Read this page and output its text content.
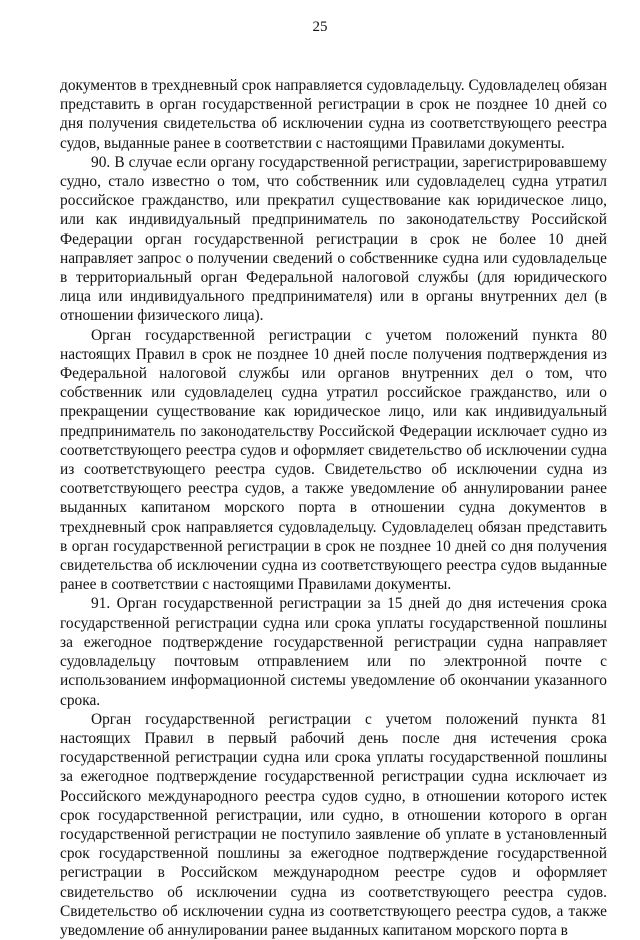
25

документов в трехдневный срок направляется судовладельцу. Судовладелец обязан представить в орган государственной регистрации в срок не позднее 10 дней со дня получения свидетельства об исключении судна из соответствующего реестра судов, выданные ранее в соответствии с настоящими Правилами документы.

90. В случае если органу государственной регистрации, зарегистрировавшему судно, стало известно о том, что собственник или судовладелец судна утратил российское гражданство, или прекратил существование как юридическое лицо, или как индивидуальный предприниматель по законодательству Российской Федерации орган государственной регистрации в срок не более 10 дней направляет запрос о получении сведений о собственнике судна или судовладельце в территориальный орган Федеральной налоговой службы (для юридического лица или индивидуального предпринимателя) или в органы внутренних дел (в отношении физического лица).

Орган государственной регистрации с учетом положений пункта 80 настоящих Правил в срок не позднее 10 дней после получения подтверждения из Федеральной налоговой службы или органов внутренних дел о том, что собственник или судовладелец судна утратил российское гражданство, или о прекращении существование как юридическое лицо, или как индивидуальный предприниматель по законодательству Российской Федерации исключает судно из соответствующего реестра судов и оформляет свидетельство об исключении судна из соответствующего реестра судов. Свидетельство об исключении судна из соответствующего реестра судов, а также уведомление об аннулировании ранее выданных капитаном морского порта в отношении судна документов в трехдневный срок направляется судовладельцу. Судовладелец обязан представить в орган государственной регистрации в срок не позднее 10 дней со дня получения свидетельства об исключении судна из соответствующего реестра судов выданные ранее в соответствии с настоящими Правилами документы.

91. Орган государственной регистрации за 15 дней до дня истечения срока государственной регистрации судна или срока уплаты государственной пошлины за ежегодное подтверждение государственной регистрации судна направляет судовладельцу почтовым отправлением или по электронной почте с использованием информационной системы уведомление об окончании указанного срока.

Орган государственной регистрации с учетом положений пункта 81 настоящих Правил в первый рабочий день после дня истечения срока государственной регистрации судна или срока уплаты государственной пошлины за ежегодное подтверждение государственной регистрации судна исключает из Российского международного реестра судов судно, в отношении которого истек срок государственной регистрации, или судно, в отношении которого в орган государственной регистрации не поступило заявление об уплате в установленный срок государственной пошлины за ежегодное подтверждение государственной регистрации в Российском международном реестре судов и оформляет свидетельство об исключении судна из соответствующего реестра судов. Свидетельство об исключении судна из соответствующего реестра судов, а также уведомление об аннулировании ранее выданных капитаном морского порта в
